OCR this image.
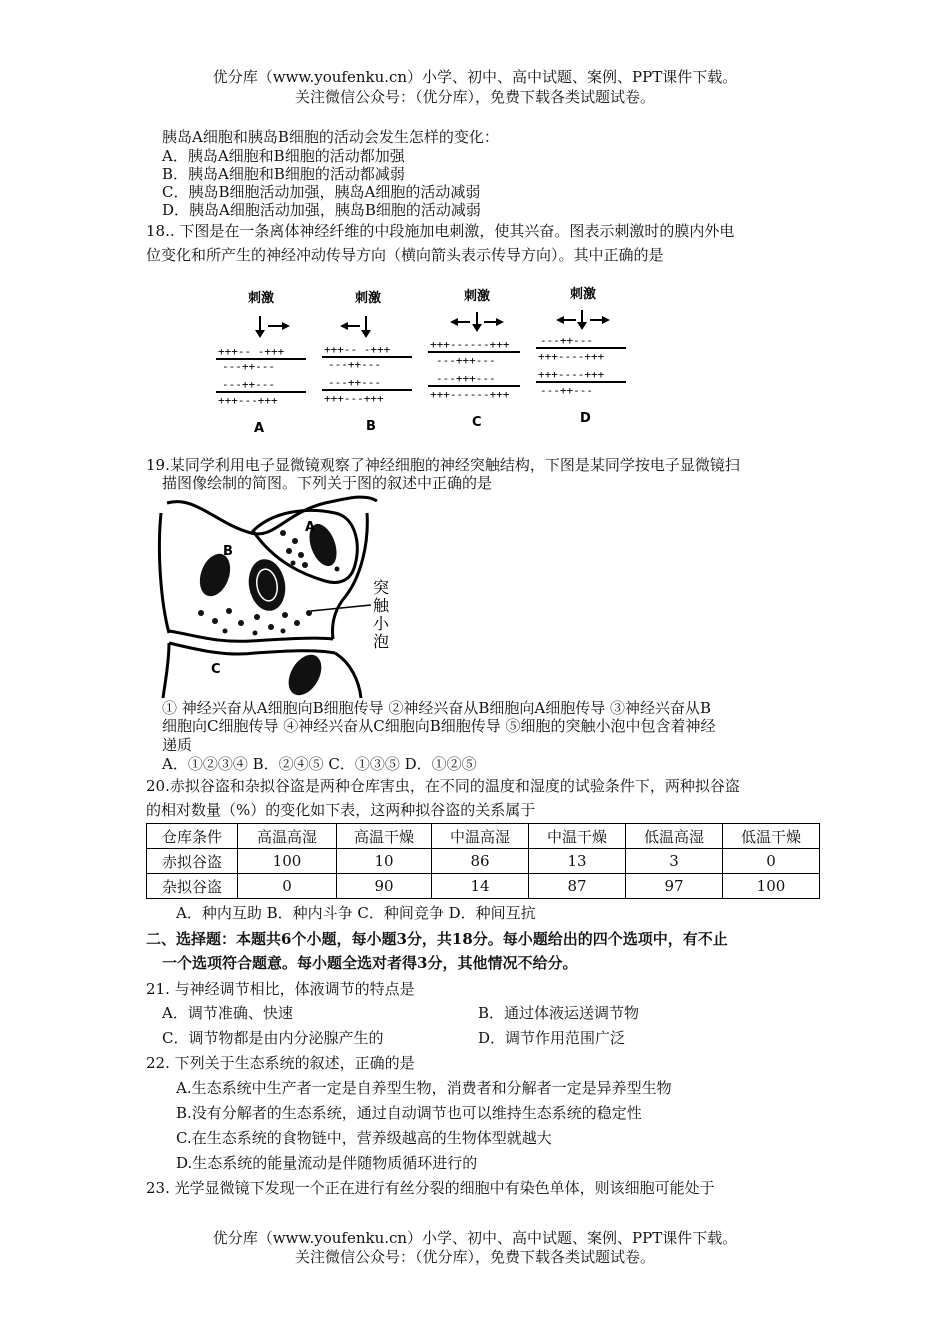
优分库（www.youfenku.cn）小学、初中、高中试题、案例、PPT课件下载。
关注微信公众号：（优分库），免费下载各类试题试卷。
胰岛A细胞和胰岛B细胞的活动会发生怎样的变化：
A．胰岛A细胞和B细胞的活动都加强
B．胰岛A细胞和B细胞的活动都减弱
C．胰岛B细胞活动加强，胰岛A细胞的活动减弱
D．胰岛A细胞活动加强，胰岛B细胞的活动减弱
18.. 下图是在一条离体神经纤维的中段施加电刺激，使其兴奋。图表示刺激时的膜内外电
位变化和所产生的神经冲动传导方向（横向箭头表示传导方向）。其中正确的是
刺激
+++-- -+++
---++---
---++---
+++---+++
A
刺激
+++-- -+++
---++---
---++---
+++---+++
B
刺激
+++------+++
---+++---
---+++---
+++------+++
C
刺激
---++---
+++----+++
+++----+++
---++---
D
19.某同学利用电子显微镜观察了神经细胞的神经突触结构，下图是某同学按电子显微镜扫
描图像绘制的简图。下列关于图的叙述中正确的是
A
B
C
突
触
小
泡
① 神经兴奋从A细胞向B细胞传导 ②神经兴奋从B细胞向A细胞传导 ③神经兴奋从B
细胞向C细胞传导 ④神经兴奋从C细胞向B细胞传导 ⑤细胞的突触小泡中包含着神经
递质
A．①②③④ B．②④⑤ C．①③⑤ D．①②⑤
20.赤拟谷盗和杂拟谷盗是两种仓库害虫，在不同的温度和湿度的试验条件下，两种拟谷盗
的相对数量（%）的变化如下表，这两种拟谷盗的关系属于
仓库条件	高温高湿	高温干燥	中温高湿	中温干燥	低温高湿	低温干燥
赤拟谷盗	100	10	86	13	3	0
杂拟谷盗	0	90	14	87	97	100
A．种内互助 B．种内斗争 C．种间竞争 D．种间互抗
二、选择题：本题共6个小题，每小题3分，共18分。每小题给出的四个选项中，有不止
一个选项符合题意。每小题全选对者得3分，其他情况不给分。
21. 与神经调节相比，体液调节的特点是
A．调节准确、快速	B．通过体液运送调节物
C．调节物都是由内分泌腺产生的	D．调节作用范围广泛
22. 下列关于生态系统的叙述，正确的是
A.生态系统中生产者一定是自养型生物，消费者和分解者一定是异养型生物
B.没有分解者的生态系统，通过自动调节也可以维持生态系统的稳定性
C.在生态系统的食物链中，营养级越高的生物体型就越大
D.生态系统的能量流动是伴随物质循环进行的
23. 光学显微镜下发现一个正在进行有丝分裂的细胞中有染色单体，则该细胞可能处于
优分库（www.youfenku.cn）小学、初中、高中试题、案例、PPT课件下载。
关注微信公众号：（优分库），免费下载各类试题试卷。
